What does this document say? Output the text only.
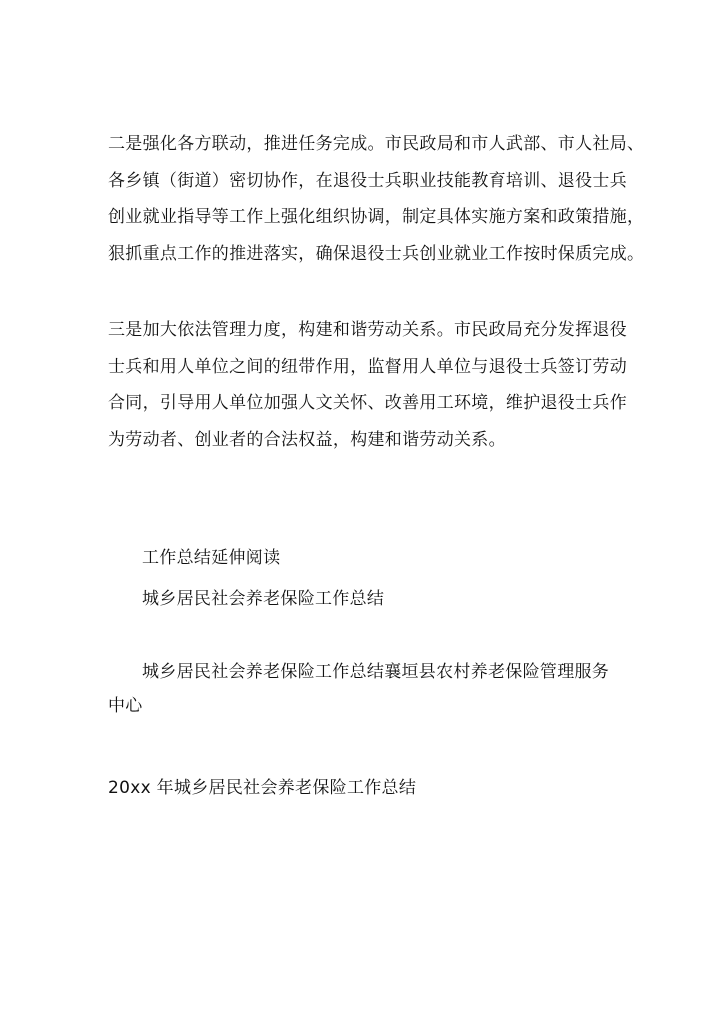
二是强化各方联动，推进任务完成。市民政局和市人武部、市人社局、
各乡镇（街道）密切协作，在退役士兵职业技能教育培训、退役士兵
创业就业指导等工作上强化组织协调，制定具体实施方案和政策措施，
狠抓重点工作的推进落实，确保退役士兵创业就业工作按时保质完成。

三是加大依法管理力度，构建和谐劳动关系。市民政局充分发挥退役
士兵和用人单位之间的纽带作用，监督用人单位与退役士兵签订劳动
合同，引导用人单位加强人文关怀、改善用工环境，维护退役士兵作
为劳动者、创业者的合法权益，构建和谐劳动关系。

工作总结延伸阅读

城乡居民社会养老保险工作总结

城乡居民社会养老保险工作总结襄垣县农村养老保险管理服务
中心

20xx 年城乡居民社会养老保险工作总结
